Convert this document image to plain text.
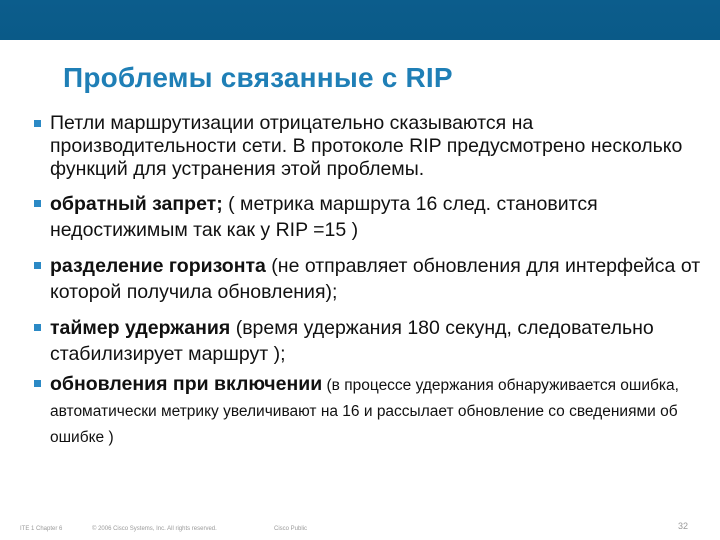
Проблемы связанные с RIP
Петли маршрутизации отрицательно сказываются на производительности сети. В протоколе RIP предусмотрено несколько функций для устранения этой проблемы.
обратный запрет; ( метрика маршрута 16 след. становится недостижимым так как у RIP =15 )
разделение горизонта (не отправляет обновления для интерфейса от которой получила обновления);
таймер удержания (время удержания 180 секунд, следовательно стабилизирует маршрут );
обновления при включении (в процессе удержания обнаруживается ошибка, автоматически метрику увеличивают на 16 и рассылает обновление со сведениями об ошибке )
ITE 1 Chapter 6	© 2006 Cisco Systems, Inc. All rights reserved.	Cisco Public	32
